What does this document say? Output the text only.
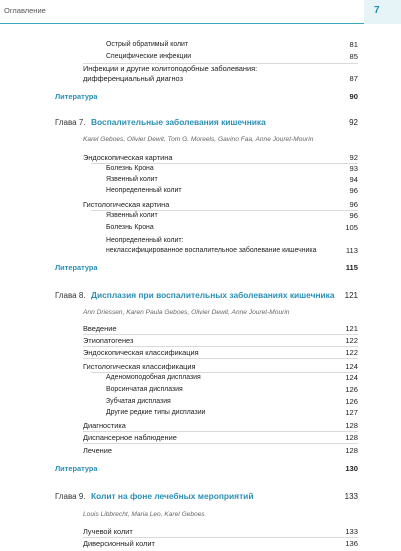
Оглавление	7
Острый обратимый колит	81
Специфические инфекции	85
Инфекции и другие колитоподобные заболевания:
дифференциальный диагноз	87
Литература	90
Глава 7. Воспалительные заболевания кишечника	92
Karel Geboes, Olivier Dewit, Tom G. Moreels, Gavino Faa, Anne Jouret-Mourin
Эндоскопическая картина	92
Болезнь Крона	93
Язвенный колит	94
Неопределенный колит	96
Гистологическая картина	96
Язвенный колит	96
Болезнь Крона	105
Неопределенный колит:
неклассифицированное воспалительное заболевание кишечника	113
Литература	115
Глава 8. Дисплазия при воспалительных заболеваниях кишечника 121
Ann Driessen, Karen Paula Geboes, Olivier Dewit, Anne Jouret-Mourin
Введение	121
Этиопатогенез	122
Эндоскопическая классификация	122
Гистологическая классификация	124
Аденомоподобная дисплазия	124
Ворсинчатая дисплазия	126
Зубчатая дисплазия	126
Другие редкие типы дисплазии	127
Диагностика	128
Диспансерное наблюдение	128
Лечение	128
Литература	130
Глава 9. Колит на фоне лечебных мероприятий	133
Louis Libbrecht, Maria Leo, Karel Geboes
Лучевой колит	133
Диверсионный колит	136
